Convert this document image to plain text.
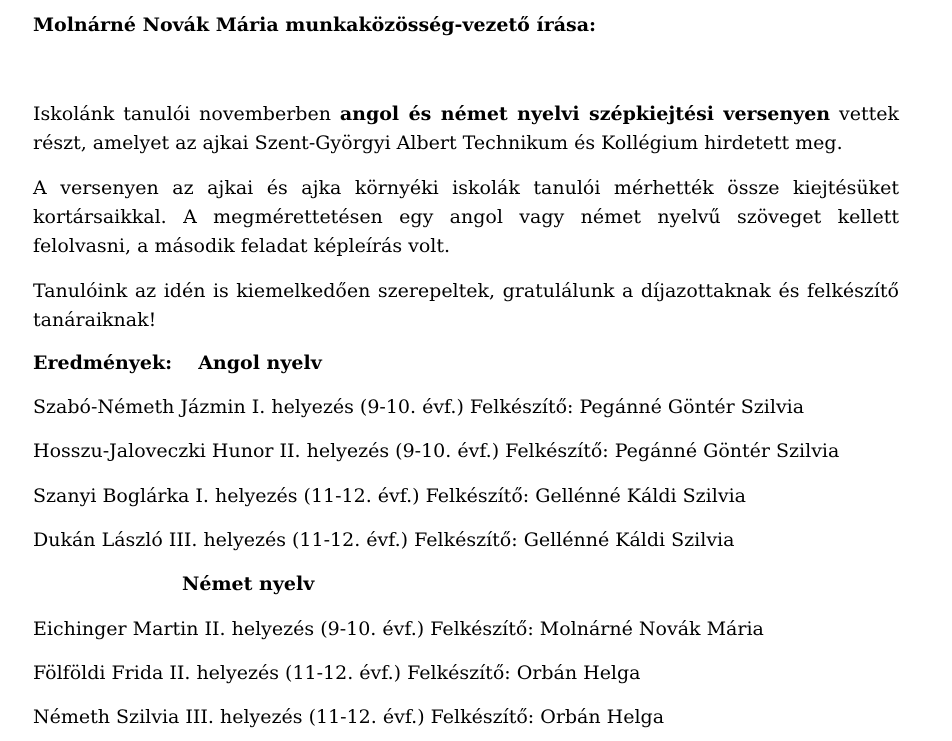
Molnárné Novák Mária munkaközösség-vezető írása:
Iskolánk tanulói novemberben angol és német nyelvi szépkiejtési versenyen vettek részt, amelyet az ajkai Szent-Györgyi Albert Technikum és Kollégium hirdetett meg.
A versenyen az ajkai és ajka környéki iskolák tanulói mérhették össze kiejtésüket kortársaikkal. A megmérettetésen egy angol vagy német nyelvű szöveget kellett felolvasni, a második feladat képleírás volt.
Tanulóink az idén is kiemelkedően szerepeltek, gratulálunk a díjazottaknak és felkészítő tanáraiknak!
Eredmények: Angol nyelv
Szabó-Németh Jázmin I. helyezés (9-10. évf.) Felkészítő: Pegánné Göntér Szilvia
Hosszu-Jaloveczki Hunor II. helyezés (9-10. évf.) Felkészítő: Pegánné Göntér Szilvia
Szanyi Boglárka I. helyezés (11-12. évf.) Felkészítő: Gellénné Káldi Szilvia
Dukán László III. helyezés (11-12. évf.) Felkészítő: Gellénné Káldi Szilvia
Német nyelv
Eichinger Martin II. helyezés (9-10. évf.) Felkészítő: Molnárné Novák Mária
Fölföldi Frida II. helyezés (11-12. évf.) Felkészítő: Orbán Helga
Németh Szilvia III. helyezés (11-12. évf.) Felkészítő: Orbán Helga
